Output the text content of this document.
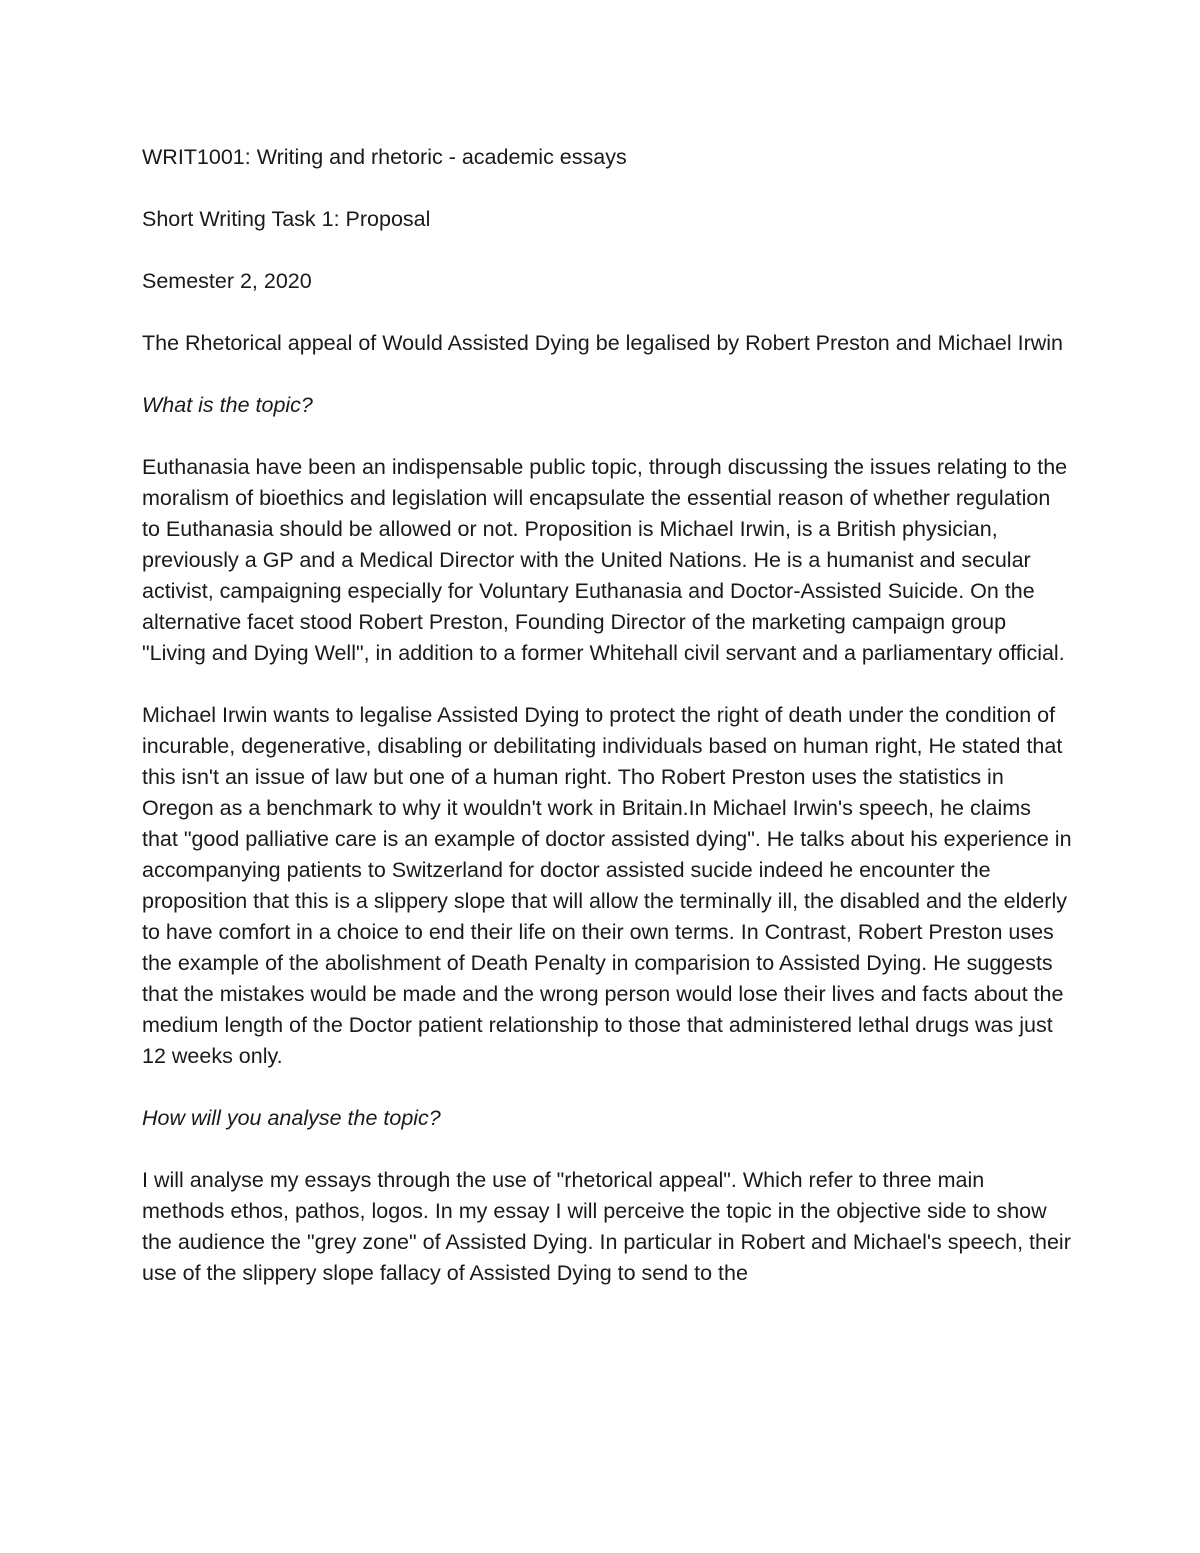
WRIT1001: Writing and rhetoric - academic essays

Short Writing Task 1: Proposal

Semester 2, 2020

The Rhetorical appeal of Would Assisted Dying be legalised by Robert Preston and Michael Irwin

What is the topic?

Euthanasia have been an indispensable public topic, through discussing the issues relating to the moralism of bioethics and legislation will encapsulate the essential reason of whether regulation to Euthanasia should be allowed or not. Proposition is Michael Irwin, is a British physician, previously a GP and a Medical Director with the United Nations. He is a humanist and secular activist, campaigning especially for Voluntary Euthanasia and Doctor-Assisted Suicide. On the alternative facet stood Robert Preston, Founding Director of the marketing campaign group "Living and Dying Well", in addition to a former Whitehall civil servant and a parliamentary official.

Michael Irwin wants to legalise Assisted Dying to protect the right of death under the condition of incurable, degenerative, disabling or debilitating individuals based on human right, He stated that this isn't an issue of law but one of a human right. Tho Robert Preston uses the statistics in Oregon as a benchmark to why it wouldn't work in Britain.In Michael Irwin's speech, he claims that "good palliative care is an example of doctor assisted dying". He talks about his experience in accompanying patients to Switzerland for doctor assisted sucide indeed he encounter the proposition that this is a slippery slope that will allow the terminally ill, the disabled and the elderly to have comfort in a choice to end their life on their own terms. In Contrast, Robert Preston uses the example of the abolishment of Death Penalty in comparision to Assisted Dying. He suggests that the mistakes would be made and the wrong person would lose their lives and facts about the medium length of the Doctor patient relationship to those that administered lethal drugs was just 12 weeks only.

How will you analyse the topic?

I will analyse my essays through the use of "rhetorical appeal". Which refer to three main methods ethos, pathos, logos. In my essay I will perceive the topic in the objective side to show the audience the "grey zone" of Assisted Dying. In particular in Robert and Michael's speech, their use of the slippery slope fallacy of Assisted Dying to send to the
